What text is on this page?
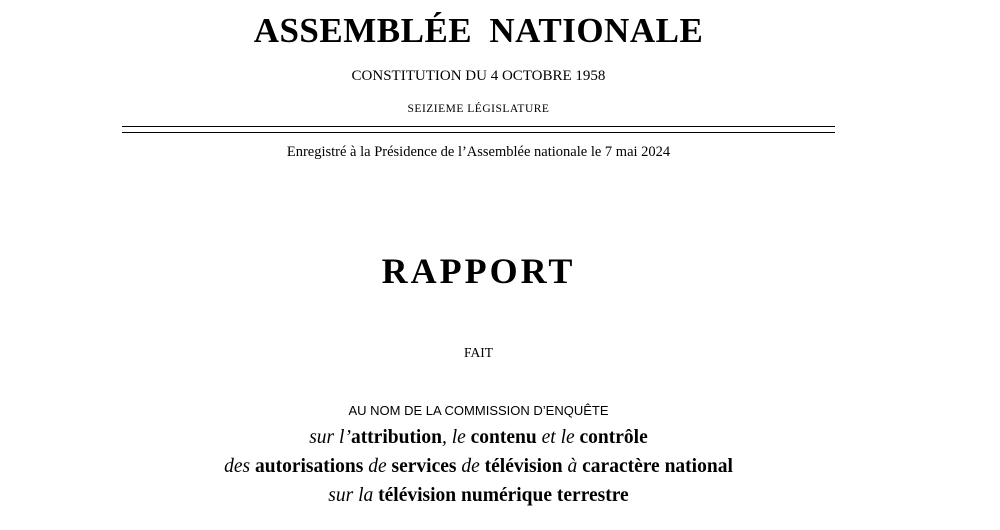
ASSEMBLÉE NATIONALE
CONSTITUTION DU 4 OCTOBRE 1958
SEIZIEME LÉGISLATURE
Enregistré à la Présidence de l’Assemblée nationale le 7 mai 2024
RAPPORT
FAIT
AU NOM DE LA COMMISSION D’ENQUÊTE
sur l’attribution, le contenu et le contrôle
des autorisations de services de télévision à caractère national
sur la télévision numérique terrestre
